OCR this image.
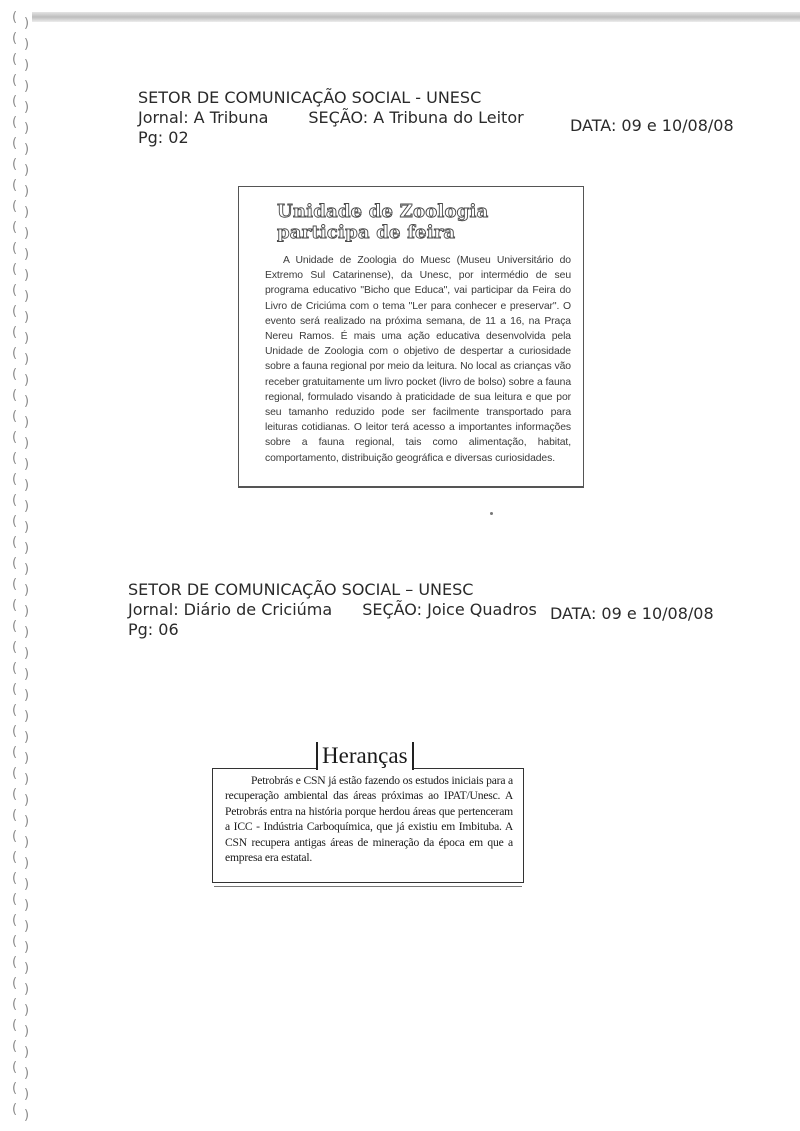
( )
( )
( )
( )
( )
( )
( )
( )
( )
( )
( )
( )
( )
( )
( )
( )
( )
( )
( )
( )
( )
( )
( )
( )
( )
( )
( )
( )
( )
( )
( )
( )
( )
( )
( )
( )
( )
( )
( )
( )
( )
( )
( )
( )
( )
( )
( )
( )
( )
( )
( )
( )
( )
SETOR DE COMUNICAÇÃO SOCIAL - UNESC
Jornal: A Tribuna	SEÇÃO: A Tribuna do Leitor
Pg: 02
DATA: 09 e 10/08/08
Unidade de Zoologia participa de feira

A Unidade de Zoologia do Muesc (Museu Universitário do Extremo Sul Catarinense), da Unesc, por intermédio de seu programa educativo "Bicho que Educa", vai participar da Feira do Livro de Criciúma com o tema "Ler para conhecer e preservar". O evento será realizado na próxima semana, de 11 a 16, na Praça Nereu Ramos. É mais uma ação educativa desenvolvida pela Unidade de Zoologia com o objetivo de despertar a curiosidade sobre a fauna regional por meio da leitura. No local as crianças vão receber gratuitamente um livro pocket (livro de bolso) sobre a fauna regional, formulado visando à praticidade de sua leitura e que por seu tamanho reduzido pode ser facilmente transportado para leituras cotidianas. O leitor terá acesso a importantes informações sobre a fauna regional, tais como alimentação, habitat, comportamento, distribuição geográfica e diversas curiosidades.

SETOR DE COMUNICAÇÃO SOCIAL – UNESC
Jornal: Diário de Criciúma SEÇÃO: Joice Quadros
Pg: 06
DATA: 09 e 10/08/08

Petrobrás e CSN já estão fazendo os estudos iniciais para a recuperação ambiental das áreas próximas ao IPAT/Unesc. A Petrobrás entra na história porque herdou áreas que pertenceram a ICC - Indústria Carboquímica, que já existiu em Imbituba. A CSN recupera antigas áreas de mineração da época em que a empresa era estatal.

Heranças
